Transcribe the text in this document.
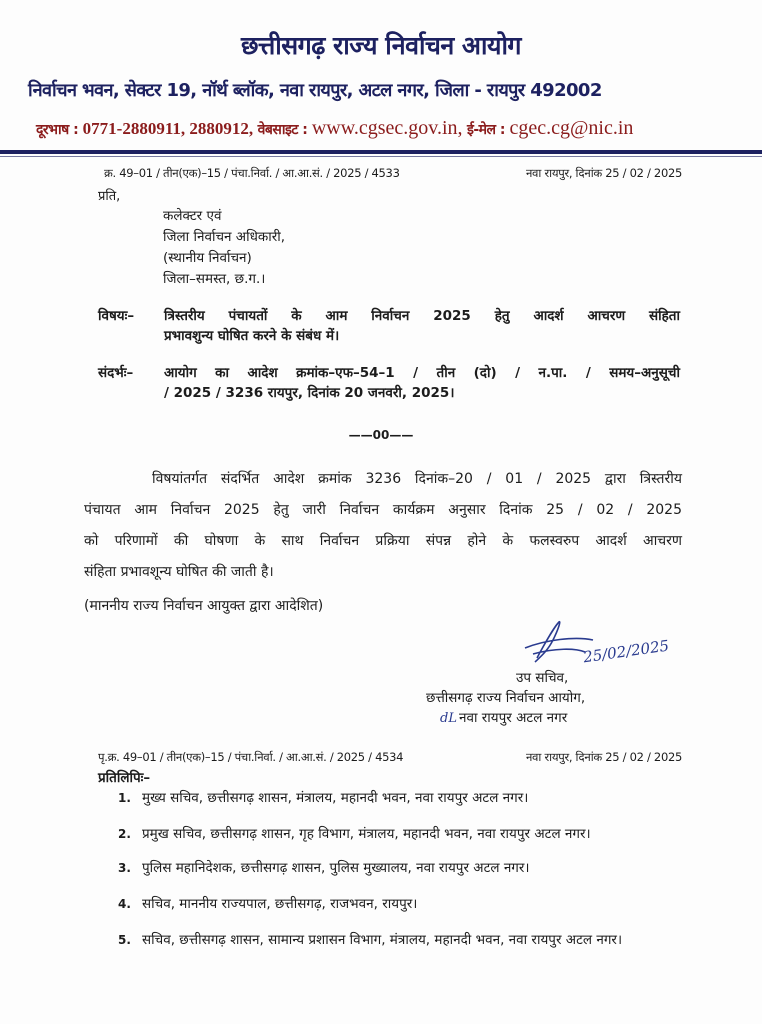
छत्तीसगढ़ राज्य निर्वाचन आयोग
निर्वाचन भवन, सेक्टर 19, नॉर्थ ब्लॉक, नवा रायपुर, अटल नगर, जिला - रायपुर 492002
दूरभाष : 0771-2880911, 2880912, वेबसाइट : www.cgsec.gov.in, ई-मेल : cgec.cg@nic.in
क्र. 49–01 / तीन(एक)–15 / पंचा.निर्वा. / आ.आ.सं. / 2025 / 4533	नवा रायपुर, दिनांक 25 / 02 / 2025
प्रति,
कलेक्टर एवं
जिला निर्वाचन अधिकारी,
(स्थानीय निर्वाचन)
जिला–समस्त, छ.ग.।
विषयः– त्रिस्तरीय पंचायतों के आम निर्वाचन 2025 हेतु आदर्श आचरण संहिता
प्रभावशुन्य घोषित करने के संबंध में।
संदर्भः– आयोग का आदेश क्रमांक–एफ–54–1 / तीन (दो) / न.पा. / समय–अनुसूची
/ 2025 / 3236 रायपुर, दिनांक 20 जनवरी, 2025।
——00——
विषयांतर्गत संदर्भित आदेश क्रमांक 3236 दिनांक–20 / 01 / 2025 द्वारा त्रिस्तरीय
पंचायत आम निर्वाचन 2025 हेतु जारी निर्वाचन कार्यक्रम अनुसार दिनांक 25 / 02 / 2025
को परिणामों की घोषणा के साथ निर्वाचन प्रक्रिया संपन्न होने के फलस्वरुप आदर्श आचरण
संहिता प्रभावशून्य घोषित की जाती है।
(माननीय राज्य निर्वाचन आयुक्त द्वारा आदेशित)
25/02/2025
उप सचिव,
छत्तीसगढ़ राज्य निर्वाचन आयोग,
dL नवा रायपुर अटल नगर
पृ.क्र. 49–01 / तीन(एक)–15 / पंचा.निर्वा. / आ.आ.सं. / 2025 / 4534	नवा रायपुर, दिनांक 25 / 02 / 2025
प्रतिलिपिः–
1. मुख्य सचिव, छत्तीसगढ़ शासन, मंत्रालय, महानदी भवन, नवा रायपुर अटल नगर।
2. प्रमुख सचिव, छत्तीसगढ़ शासन, गृह विभाग, मंत्रालय, महानदी भवन, नवा रायपुर अटल नगर।
3. पुलिस महानिदेशक, छत्तीसगढ़ शासन, पुलिस मुख्यालय, नवा रायपुर अटल नगर।
4. सचिव, माननीय राज्यपाल, छत्तीसगढ़, राजभवन, रायपुर।
5. सचिव, छत्तीसगढ़ शासन, सामान्य प्रशासन विभाग, मंत्रालय, महानदी भवन, नवा रायपुर अटल नगर।
